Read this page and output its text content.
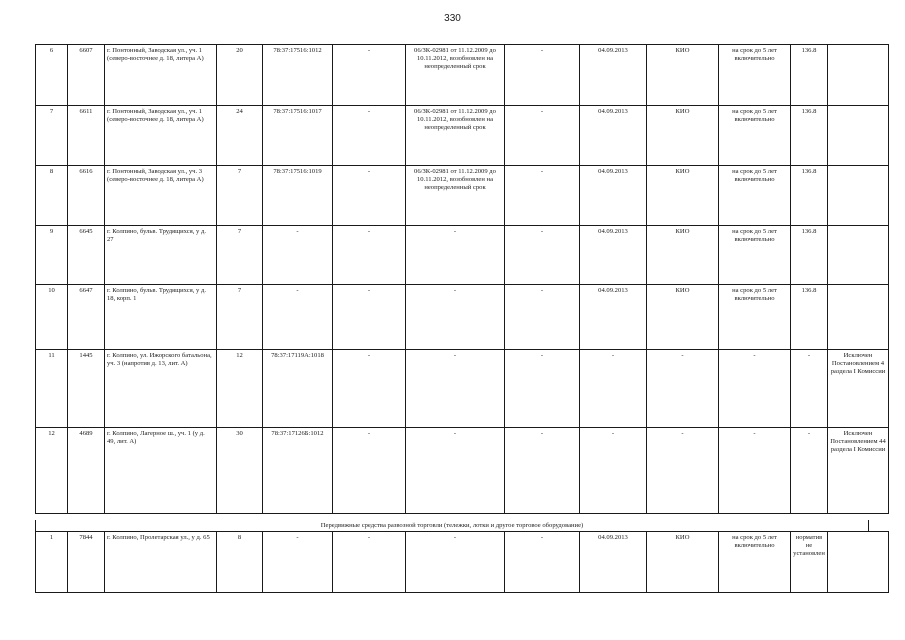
330
6	6607	г. Понтонный, Заводская ул., уч. 1 (северо-восточнее д. 18, литера А)	20	78:37:17516:1012	-	06/ЗК-02981 от 11.12.2009 до 10.11.2012, возобновлен на неопределенный срок	-	04.09.2013	КИО	на срок до 5 лет включительно	136.8	
7	6611	г. Понтонный, Заводская ул., уч. 1 (северо-восточнее д. 18, литера А)	24	78:37:17516:1017	-	06/ЗК-02981 от 11.12.2009 до 10.11.2012, возобновлен на неопределенный срок	-	04.09.2013	КИО	на срок до 5 лет включительно	136.8	
8	6616	г. Понтонный, Заводская ул., уч. 3 (северо-восточнее д. 18, литера А)	7	78:37:17516:1019	-	06/ЗК-02981 от 11.12.2009 до 10.11.2012, возобновлен на неопределенный срок	-	04.09.2013	КИО	на срок до 5 лет включительно	136.8	
9	6645	г. Колпино, бульв. Трудящихся, у д. 27	7	-	-	-	-	04.09.2013	КИО	на срок до 5 лет включительно	136.8	
10	6647	г. Колпино, бульв. Трудящихся, у д. 18, корп. 1	7	-	-	-	-	04.09.2013	КИО	на срок до 5 лет включительно	136.8	
11	1445	г. Колпино, ул. Ижорского батальона, уч. 3 (напротив д. 13, лит. А)	12	78:37:17119А:1018	-	-	-	-	-	-	-	Исключен Постановлением 4 раздела I Комиссии
12	4689	г. Колпино, Лагерное ш., уч. 1 (у д. 49, лит. А)	30	78:37:17126Б:1012	-	-	-	-	-	-	-	Исключен Постановлением 44 раздела I Комиссии
Передвижные средства развозной торговли (тележки, лотки и другое торговое оборудование)
1	7844	г. Колпино, Пролетарская ул., у д. 65	8	-	-	-	-	04.09.2013	КИО	на срок до 5 лет включительно	норматив не установлен	
